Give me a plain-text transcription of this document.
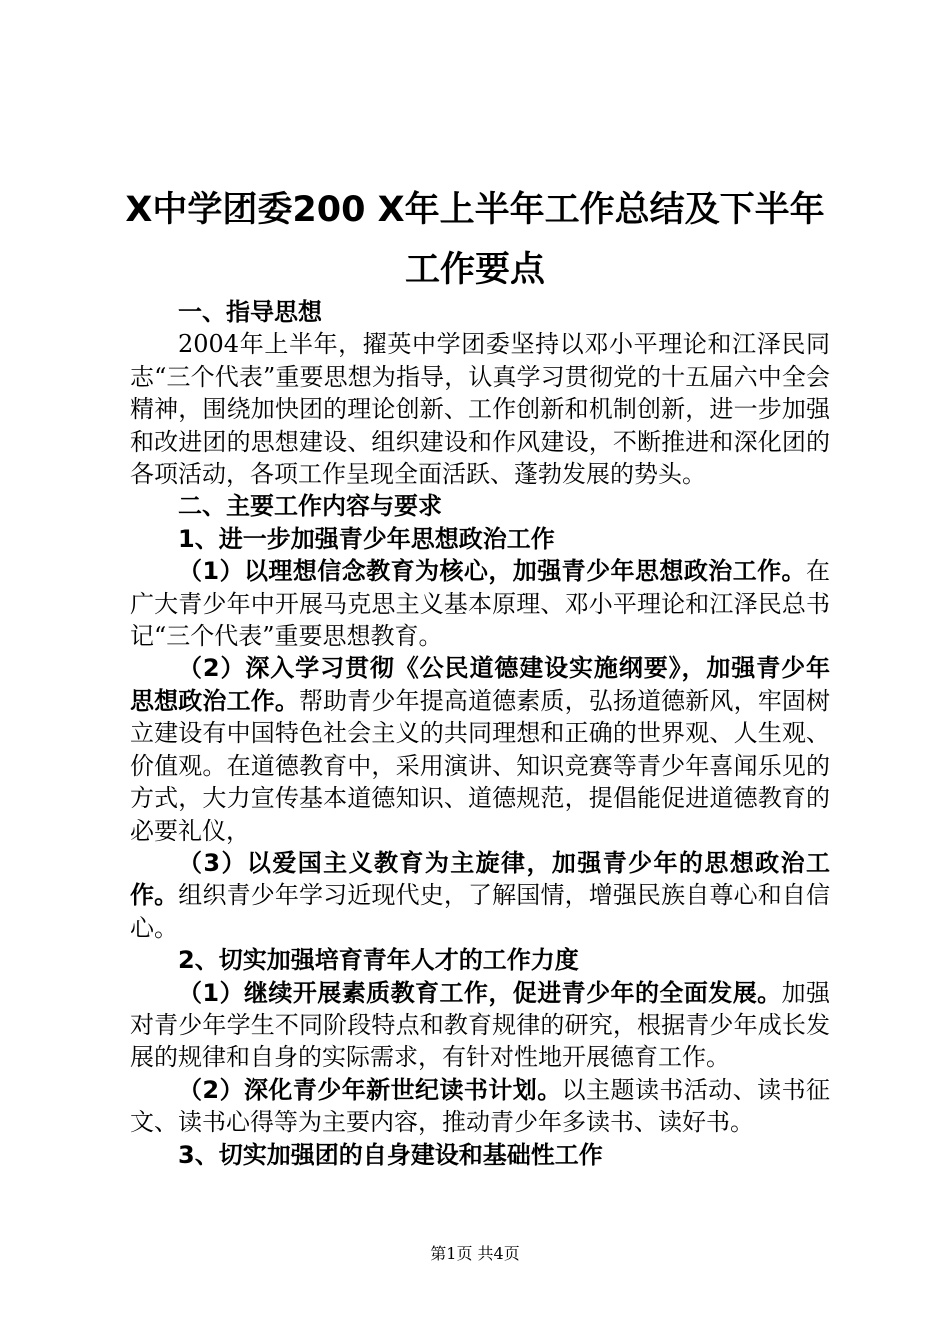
X中学团委200 X年上半年工作总结及下半年
工作要点

一、指导思想

2004年上半年，擢英中学团委坚持以邓小平理论和江泽民同志“三个代表”重要思想为指导，认真学习贯彻党的十五届六中全会精神，围绕加快团的理论创新、工作创新和机制创新，进一步加强和改进团的思想建设、组织建设和作风建设，不断推进和深化团的各项活动，各项工作呈现全面活跃、蓬勃发展的势头。

二、主要工作内容与要求

1、进一步加强青少年思想政治工作

（1）以理想信念教育为核心，加强青少年思想政治工作。在广大青少年中开展马克思主义基本原理、邓小平理论和江泽民总书记“三个代表”重要思想教育。

（2）深入学习贯彻《公民道德建设实施纲要》，加强青少年思想政治工作。帮助青少年提高道德素质，弘扬道德新风，牢固树立建设有中国特色社会主义的共同理想和正确的世界观、人生观、价值观。在道德教育中，采用演讲、知识竞赛等青少年喜闻乐见的方式，大力宣传基本道德知识、道德规范，提倡能促进道德教育的必要礼仪，

（3）以爱国主义教育为主旋律，加强青少年的思想政治工作。组织青少年学习近现代史，了解国情，增强民族自尊心和自信心。

2、切实加强培育青年人才的工作力度

（1）继续开展素质教育工作，促进青少年的全面发展。加强对青少年学生不同阶段特点和教育规律的研究，根据青少年成长发展的规律和自身的实际需求，有针对性地开展德育工作。

（2）深化青少年新世纪读书计划。以主题读书活动、读书征文、读书心得等为主要内容，推动青少年多读书、读好书。

3、切实加强团的自身建设和基础性工作

第1页 共4页
